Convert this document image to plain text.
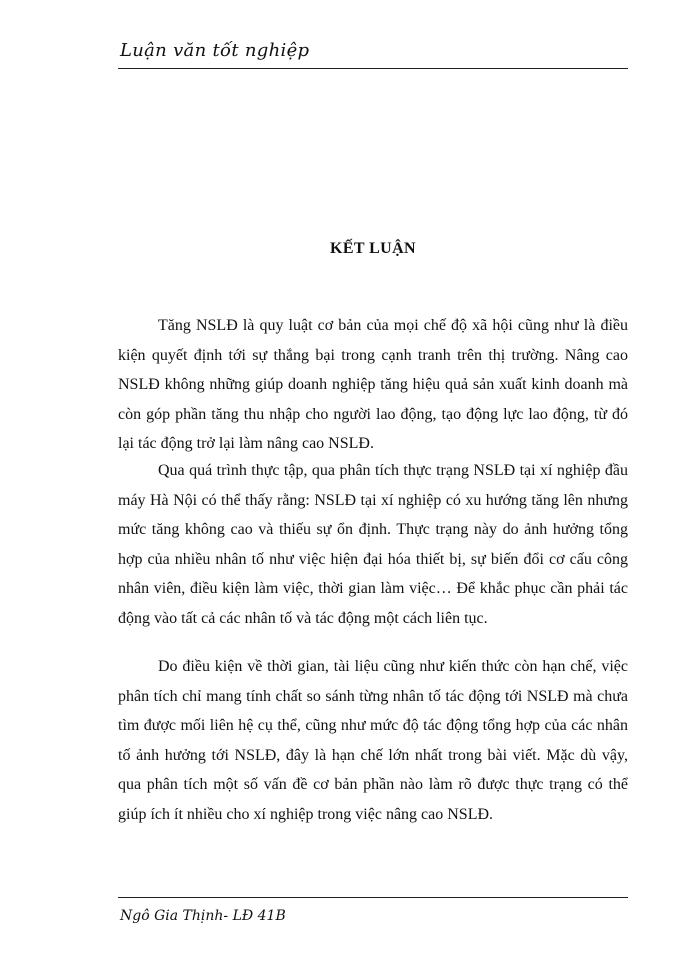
Luận văn tốt nghiệp
KẾT LUẬN

Tăng NSLĐ là quy luật cơ bản của mọi chế độ xã hội cũng như là điều kiện quyết định tới sự thắng bại trong cạnh tranh trên thị trường. Nâng cao NSLĐ không những giúp doanh nghiệp tăng hiệu quả sản xuất kinh doanh mà còn góp phần tăng thu nhập cho người lao động, tạo động lực lao động, từ đó lại tác động trở lại làm nâng cao NSLĐ.

Qua quá trình thực tập, qua phân tích thực trạng NSLĐ tại xí nghiệp đầu máy Hà Nội có thể thấy rằng: NSLĐ tại xí nghiệp có xu hướng tăng lên nhưng mức tăng không cao và thiếu sự ổn định. Thực trạng này do ảnh hưởng tổng hợp của nhiều nhân tố như việc hiện đại hóa thiết bị, sự biến đổi cơ cấu công nhân viên, điều kiện làm việc, thời gian làm việc… Để khắc phục cần phải tác động vào tất cả các nhân tố và tác động một cách liên tục.

Do điều kiện về thời gian, tài liệu cũng như kiến thức còn hạn chế, việc phân tích chỉ mang tính chất so sánh từng nhân tố tác động tới NSLĐ mà chưa tìm được mối liên hệ cụ thể, cũng như mức độ tác động tổng hợp của các nhân tố ảnh hưởng tới NSLĐ, đây là hạn chế lớn nhất trong bài viết. Mặc dù vậy, qua phân tích một số vấn đề cơ bản phần nào làm rõ được thực trạng có thể giúp ích ít nhiều cho xí nghiệp trong việc nâng cao NSLĐ.

Ngô Gia Thịnh- LĐ 41B
